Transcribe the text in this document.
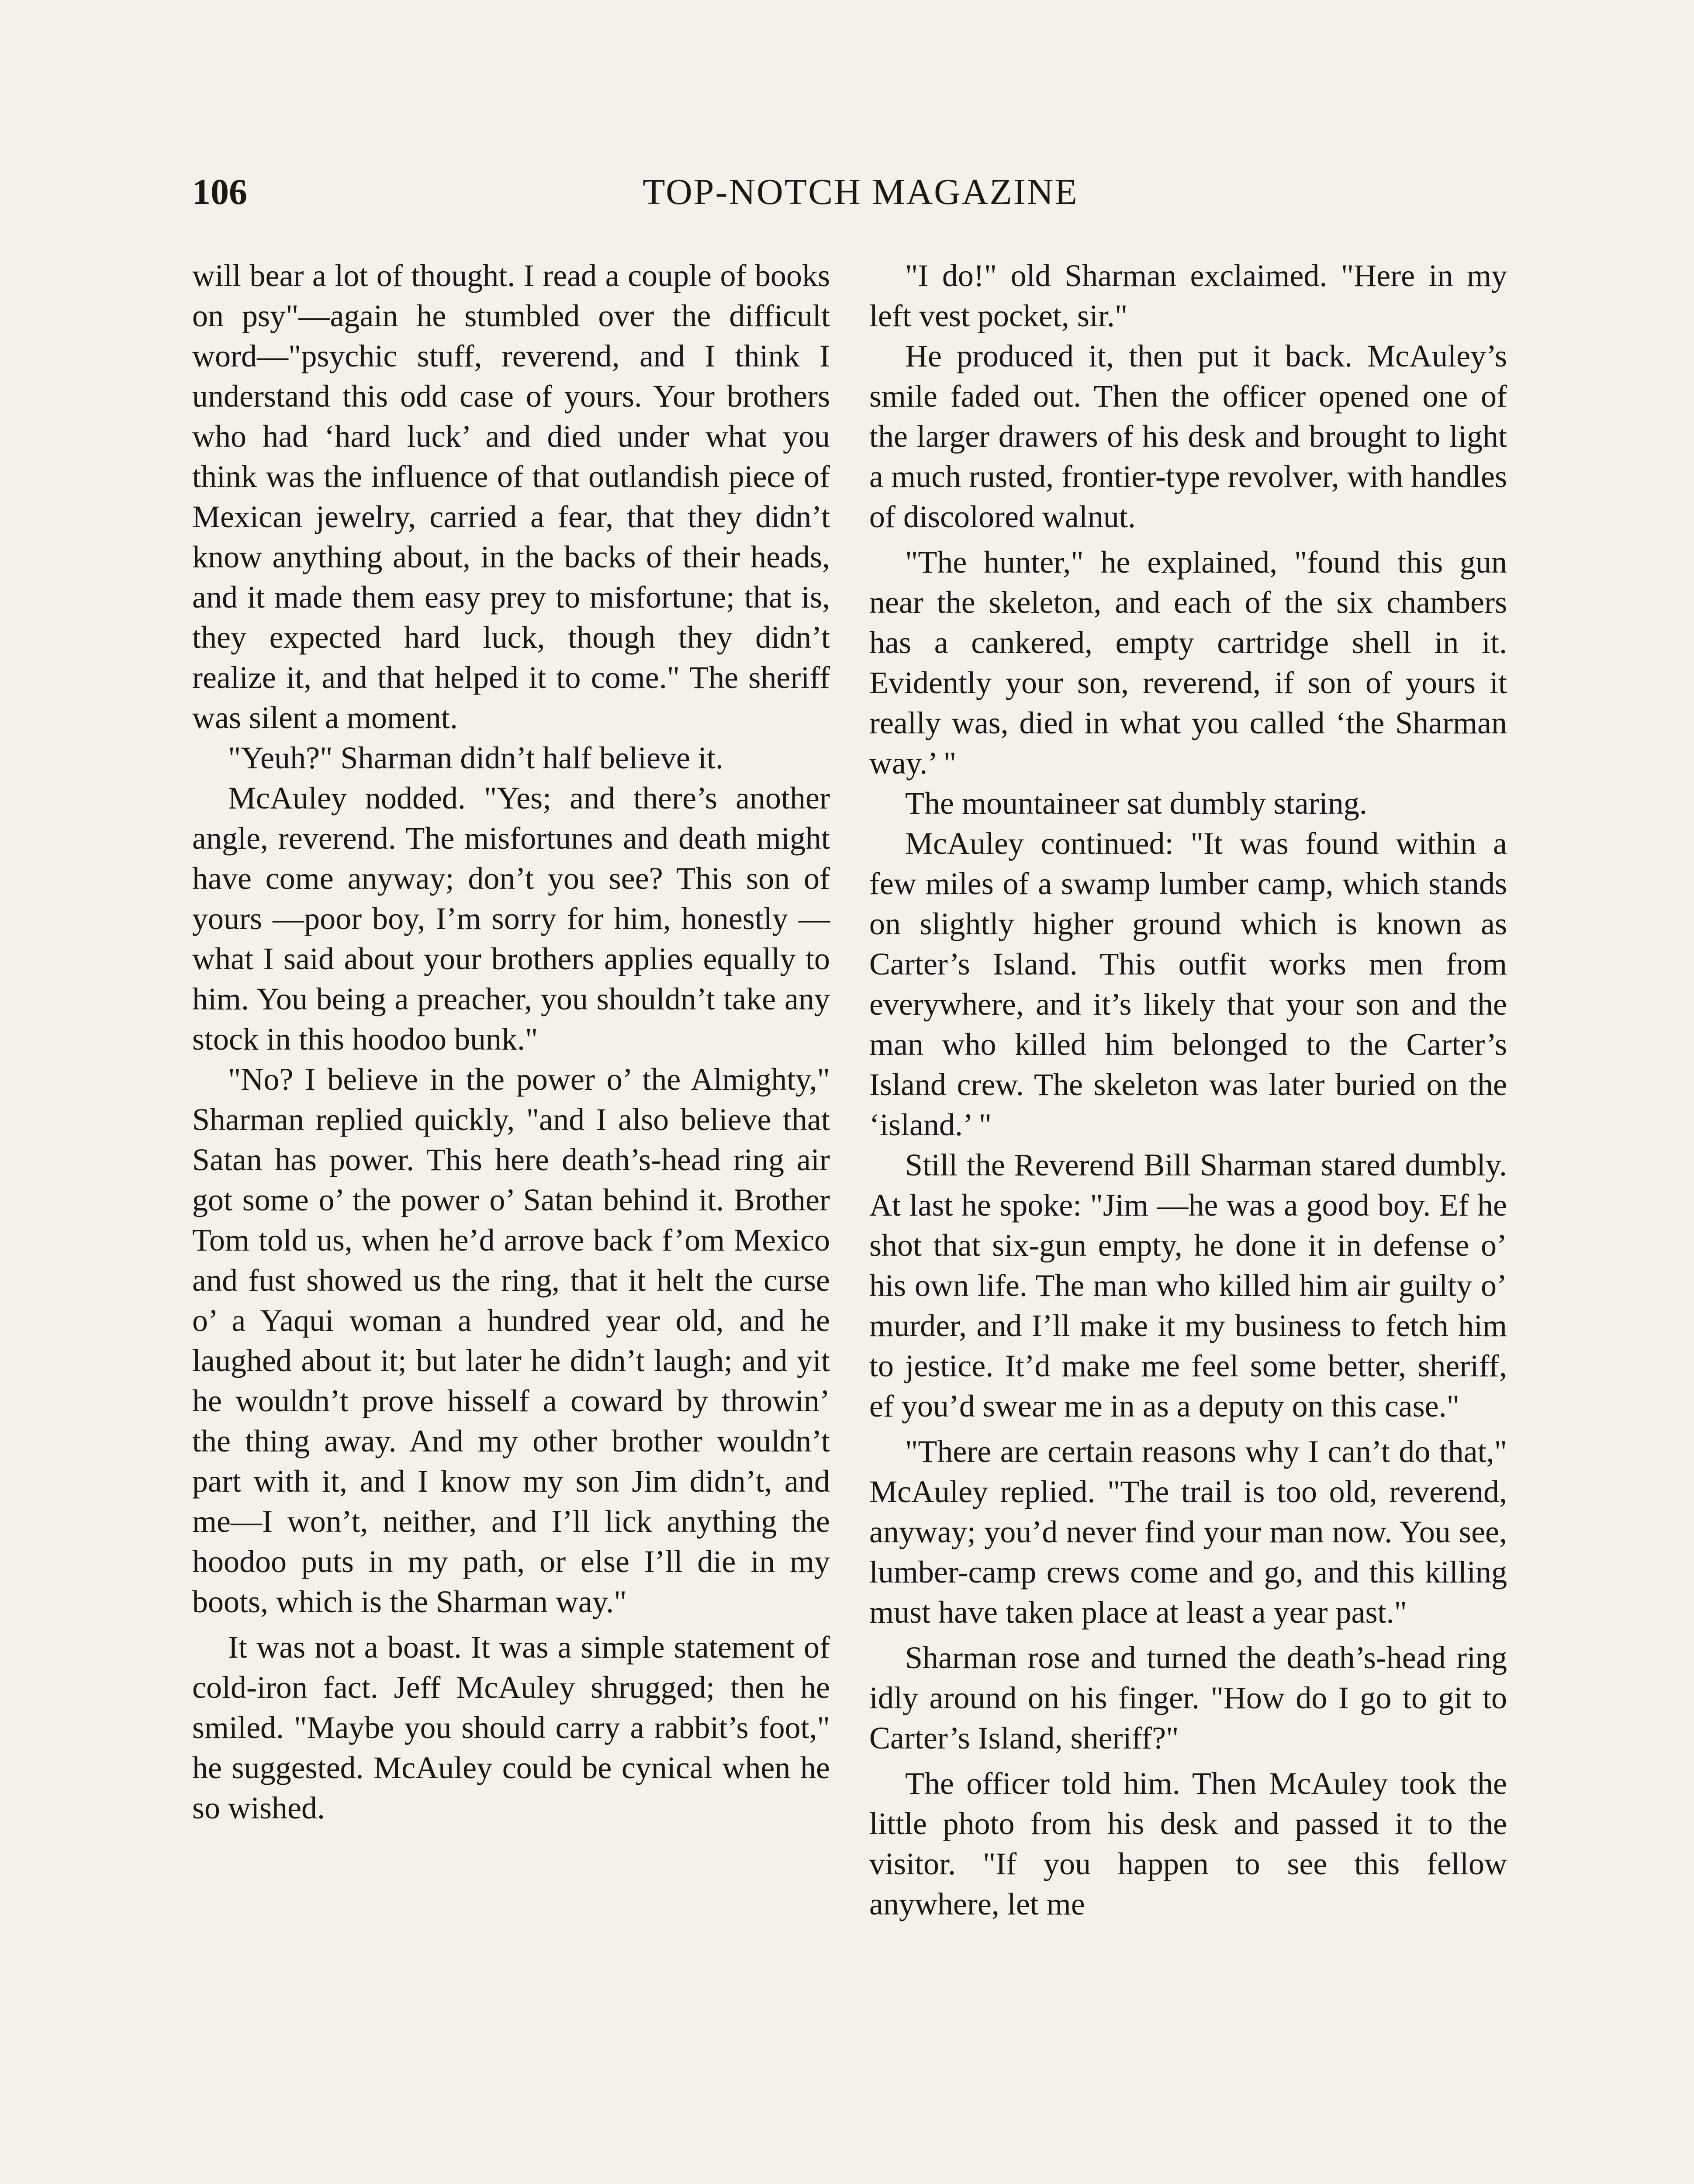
106	TOP-NOTCH MAGAZINE

will bear a lot of thought. I read a couple of books on psy"—again he stumbled over the difficult word—"psychic stuff, reverend, and I think I understand this odd case of yours. Your brothers who had ‘hard luck’ and died under what you think was the influence of that outlandish piece of Mexican jewelry, carried a fear, that they didn’t know anything about, in the backs of their heads, and it made them easy prey to misfortune; that is, they expected hard luck, though they didn’t realize it, and that helped it to come." The sheriff was silent a moment.

"Yeuh?" Sharman didn’t half believe it.

McAuley nodded. "Yes; and there’s another angle, reverend. The misfortunes and death might have come anyway; don’t you see? This son of yours —poor boy, I’m sorry for him, honestly —what I said about your brothers applies equally to him. You being a preacher, you shouldn’t take any stock in this hoodoo bunk."

"No? I believe in the power o’ the Almighty," Sharman replied quickly, "and I also believe that Satan has power. This here death’s-head ring air got some o’ the power o’ Satan behind it. Brother Tom told us, when he’d arrove back f’om Mexico and fust showed us the ring, that it helt the curse o’ a Yaqui woman a hundred year old, and he laughed about it; but later he didn’t laugh; and yit he wouldn’t prove hisself a coward by throwin’ the thing away. And my other brother wouldn’t part with it, and I know my son Jim didn’t, and me—I won’t, neither, and I’ll lick anything the hoodoo puts in my path, or else I’ll die in my boots, which is the Sharman way."

It was not a boast. It was a simple statement of cold-iron fact. Jeff McAuley shrugged; then he smiled. "Maybe you should carry a rabbit’s foot," he suggested. McAuley could be cynical when he so wished.

"I do!" old Sharman exclaimed. "Here in my left vest pocket, sir."

He produced it, then put it back. McAuley’s smile faded out. Then the officer opened one of the larger drawers of his desk and brought to light a much rusted, frontier-type revolver, with handles of discolored walnut.

"The hunter," he explained, "found this gun near the skeleton, and each of the six chambers has a cankered, empty cartridge shell in it. Evidently your son, reverend, if son of yours it really was, died in what you called ‘the Sharman way.’ "

The mountaineer sat dumbly staring.

McAuley continued: "It was found within a few miles of a swamp lumber camp, which stands on slightly higher ground which is known as Carter’s Island. This outfit works men from everywhere, and it’s likely that your son and the man who killed him belonged to the Carter’s Island crew. The skeleton was later buried on the ‘island.’ "

Still the Reverend Bill Sharman stared dumbly. At last he spoke: "Jim —he was a good boy. Ef he shot that six-gun empty, he done it in defense o’ his own life. The man who killed him air guilty o’ murder, and I’ll make it my business to fetch him to jestice. It’d make me feel some better, sheriff, ef you’d swear me in as a deputy on this case."

"There are certain reasons why I can’t do that," McAuley replied. "The trail is too old, reverend, anyway; you’d never find your man now. You see, lumber-camp crews come and go, and this killing must have taken place at least a year past."

Sharman rose and turned the death’s-head ring idly around on his finger. "How do I go to git to Carter’s Island, sheriff?"

The officer told him. Then McAuley took the little photo from his desk and passed it to the visitor. "If you happen to see this fellow anywhere, let me
